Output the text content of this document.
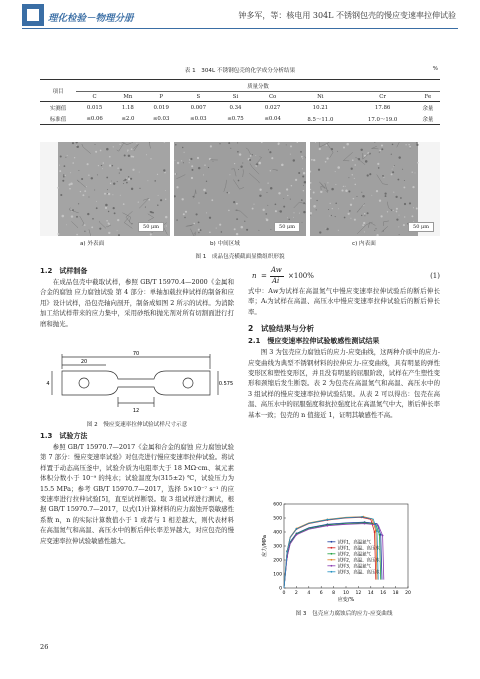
理化检验－物理分册	钟多军，等：核电用 304L 不锈钢包壳的慢应变速率拉伸试验
表 1　304L 不锈钢包壳的化学成分分析结果	%
项目	质量分数								
	C	Mn	P	S	Si	Co	Ni	Cr	Fe
实测值	0.015	1.18	0.019	0.007	0.34	0.027	10.21	17.86	余量
标准值	≤0.06	≤2.0	≤0.03	≤0.03	≤0.75	≤0.04	8.5～11.0	17.0～19.0	余量
50 μm	50 μm	50 μm
a) 外表面	b) 中间区域	c) 内表面
图 1　成品包壳横截面显微组织形貌
1.2　试样制备
在成品包壳中截取试样，参照 GB/T 15970.4—2000《金属和合金的腐蚀 应力腐蚀试验 第 4 部分：单轴加载拉伸试样的制备和应用》设计试样，沿包壳轴向剖开，制备成如图 2 所示的试样。为消除加工给试样带来的应力集中，采用砂纸和抛光剂对所有切割面进行打磨和抛光。
70
20
12
4	0.575
图 2　慢应变速率拉伸试验试样尺寸示意
1.3　试验方法
参照 GB/T 15970.7—2017《金属和合金的腐蚀 应力腐蚀试验 第 7 部分：慢应变速率试验》对包壳进行慢应变速率拉伸试验。将试样置于动态高压釜中，试验介质为电阻率大于 18 MΩ·cm、氧元素体积分数小于 10⁻⁹ 的纯水；试验温度为(315±2) ℃，试验压力为 15.5 MPa；参考 GB/T 15970.7—2017，选择 5×10⁻⁷ s⁻¹ 的应变速率进行拉伸试验[5]，直至试样断裂。取 3 组试样进行测试，根据 GB/T 15970.7—2017，以式(1)计算材料的应力腐蚀开裂敏感性系数 n，n 的实际计算数值小于 1 或者与 1 相差越大，则代表材料在高温氮气和高温、高压水中的断后伸长率差异越大，对应包壳的慢应变速率拉伸试验敏感性越大。
n =
Aw
Ai
×100%	(1)
式中：A𝑤为试样在高温氮气中慢应变速率拉伸试验后的断后伸长率；Aᵢ为试样在高温、高压水中慢应变速率拉伸试验后的断后伸长率。
2　试验结果与分析
2.1　慢应变速率拉伸试验敏感性测试结果
图 3 为包壳应力腐蚀后的应力-应变曲线，这两种介质中的应力-应变曲线为典型不锈钢材料的拉伸应力-应变曲线，具有明显的弹性变形区和塑性变形区，并且没有明显的屈服阶段，试样在产生塑性变形和颈缩后发生断裂。表 2 为包壳在高温氮气和高温、高压水中的 3 组试样的慢应变速率拉伸试验结果。从表 2 可以得出：包壳在高温、高压水中的屈服强度和抗拉强度比在高温氮气中大，断后伸长率基本一致；包壳的 n 值接近 1，证明其敏感性不高。
0 2 4 6 8 10 12 14 16 18 20
0
100
200
300
400
500
600
应变/%
应力/MPa	试样1，高温氮气
试样1，高温、高压水
试样2，高温氮气
试样2，高温、高压水
试样3，高温氮气
试样3，高温、高压水
图 3　包壳应力腐蚀后的应力-应变曲线
26
